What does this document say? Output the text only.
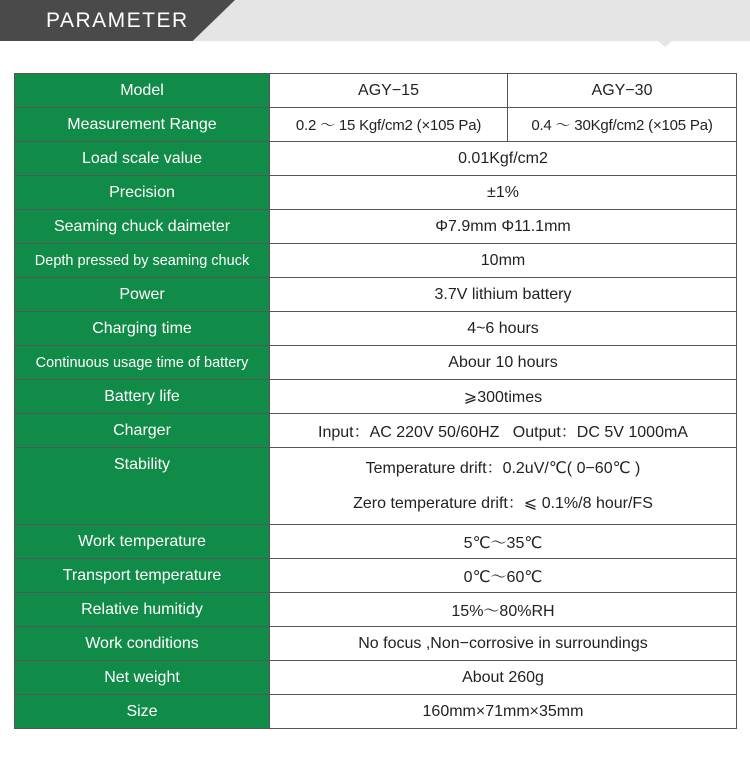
PARAMETER
Model	AGY−15	AGY−30
Measurement Range	0.2 ～ 15 Kgf/cm2 (×105 Pa)	0.4 ～ 30Kgf/cm2 (×105 Pa)
Load scale value	0.01Kgf/cm2	
Precision	±1%	
Seaming chuck daimeter	Φ7.9mm Φ11.1mm	
Depth pressed by seaming chuck	10mm	
Power	3.7V lithium battery	
Charging time	4~6 hours	
Continuous usage time of battery	Abour 10 hours	
Battery life	⩾300times	
Charger	Input：AC 220V 50/60HZ   Output：DC 5V 1000mA	
Stability	Temperature drift：0.2uV/℃( 0−60℃ )
Zero temperature drift：⩽ 0.1%/8 hour/FS	

Work temperature	5℃～35℃	
Transport temperature	0℃～60℃	
Relative humitidy	15%～80%RH	
Work conditions	No focus ,Non−corrosive in surroundings	
Net weight	About 260g	
Size	160mm×71mm×35mm	
